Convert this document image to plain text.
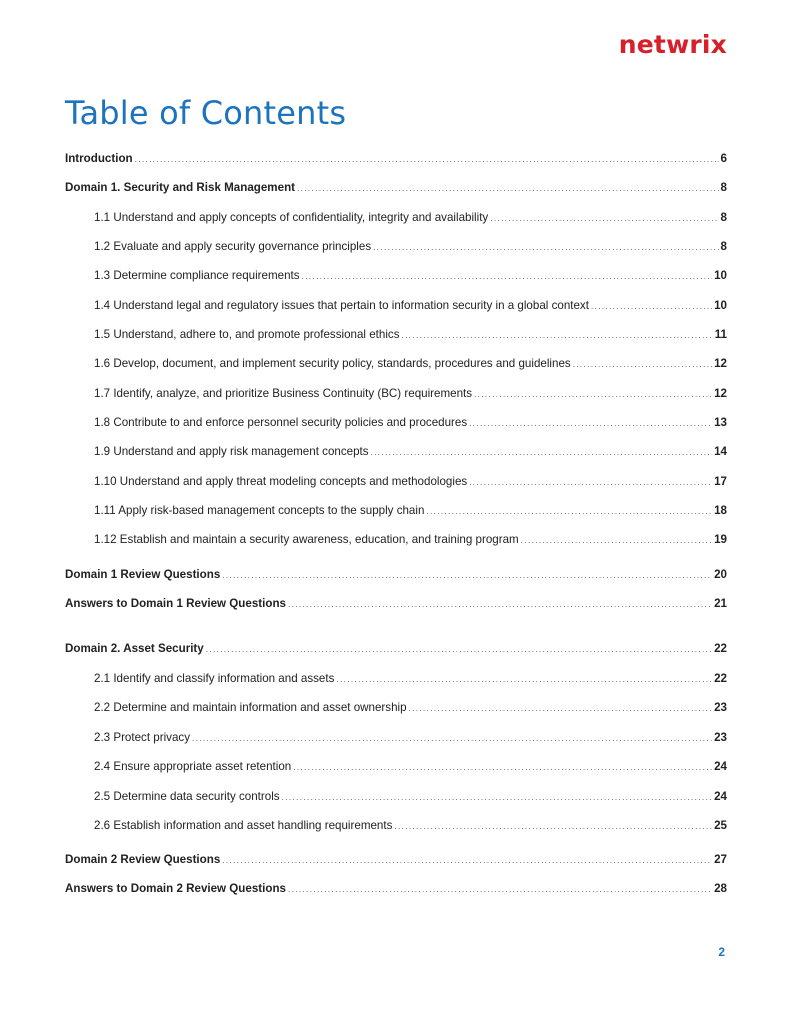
netwrix
Table of Contents
Introduction .....	6
Domain 1. Security and Risk Management .....	8
1.1 Understand and apply concepts of confidentiality, integrity and availability .....	8
1.2 Evaluate and apply security governance principles .....	8
1.3 Determine compliance requirements .....	10
1.4 Understand legal and regulatory issues that pertain to information security in a global context .....	10
1.5 Understand, adhere to, and promote professional ethics .....	11
1.6 Develop, document, and implement security policy, standards, procedures and guidelines .....	12
1.7 Identify, analyze, and prioritize Business Continuity (BC) requirements .....	12
1.8 Contribute to and enforce personnel security policies and procedures .....	13
1.9 Understand and apply risk management concepts .....	14
1.10 Understand and apply threat modeling concepts and methodologies .....	17
1.11 Apply risk-based management concepts to the supply chain .....	18
1.12 Establish and maintain a security awareness, education, and training program .....	19
Domain 1 Review Questions .....	20
Answers to Domain 1 Review Questions .....	21
Domain 2. Asset Security .....	22
2.1 Identify and classify information and assets .....	22
2.2 Determine and maintain information and asset ownership .....	23
2.3 Protect privacy .....	23
2.4 Ensure appropriate asset retention .....	24
2.5 Determine data security controls .....	24
2.6 Establish information and asset handling requirements .....	25
Domain 2 Review Questions .....	27
Answers to Domain 2 Review Questions .....	28
2
